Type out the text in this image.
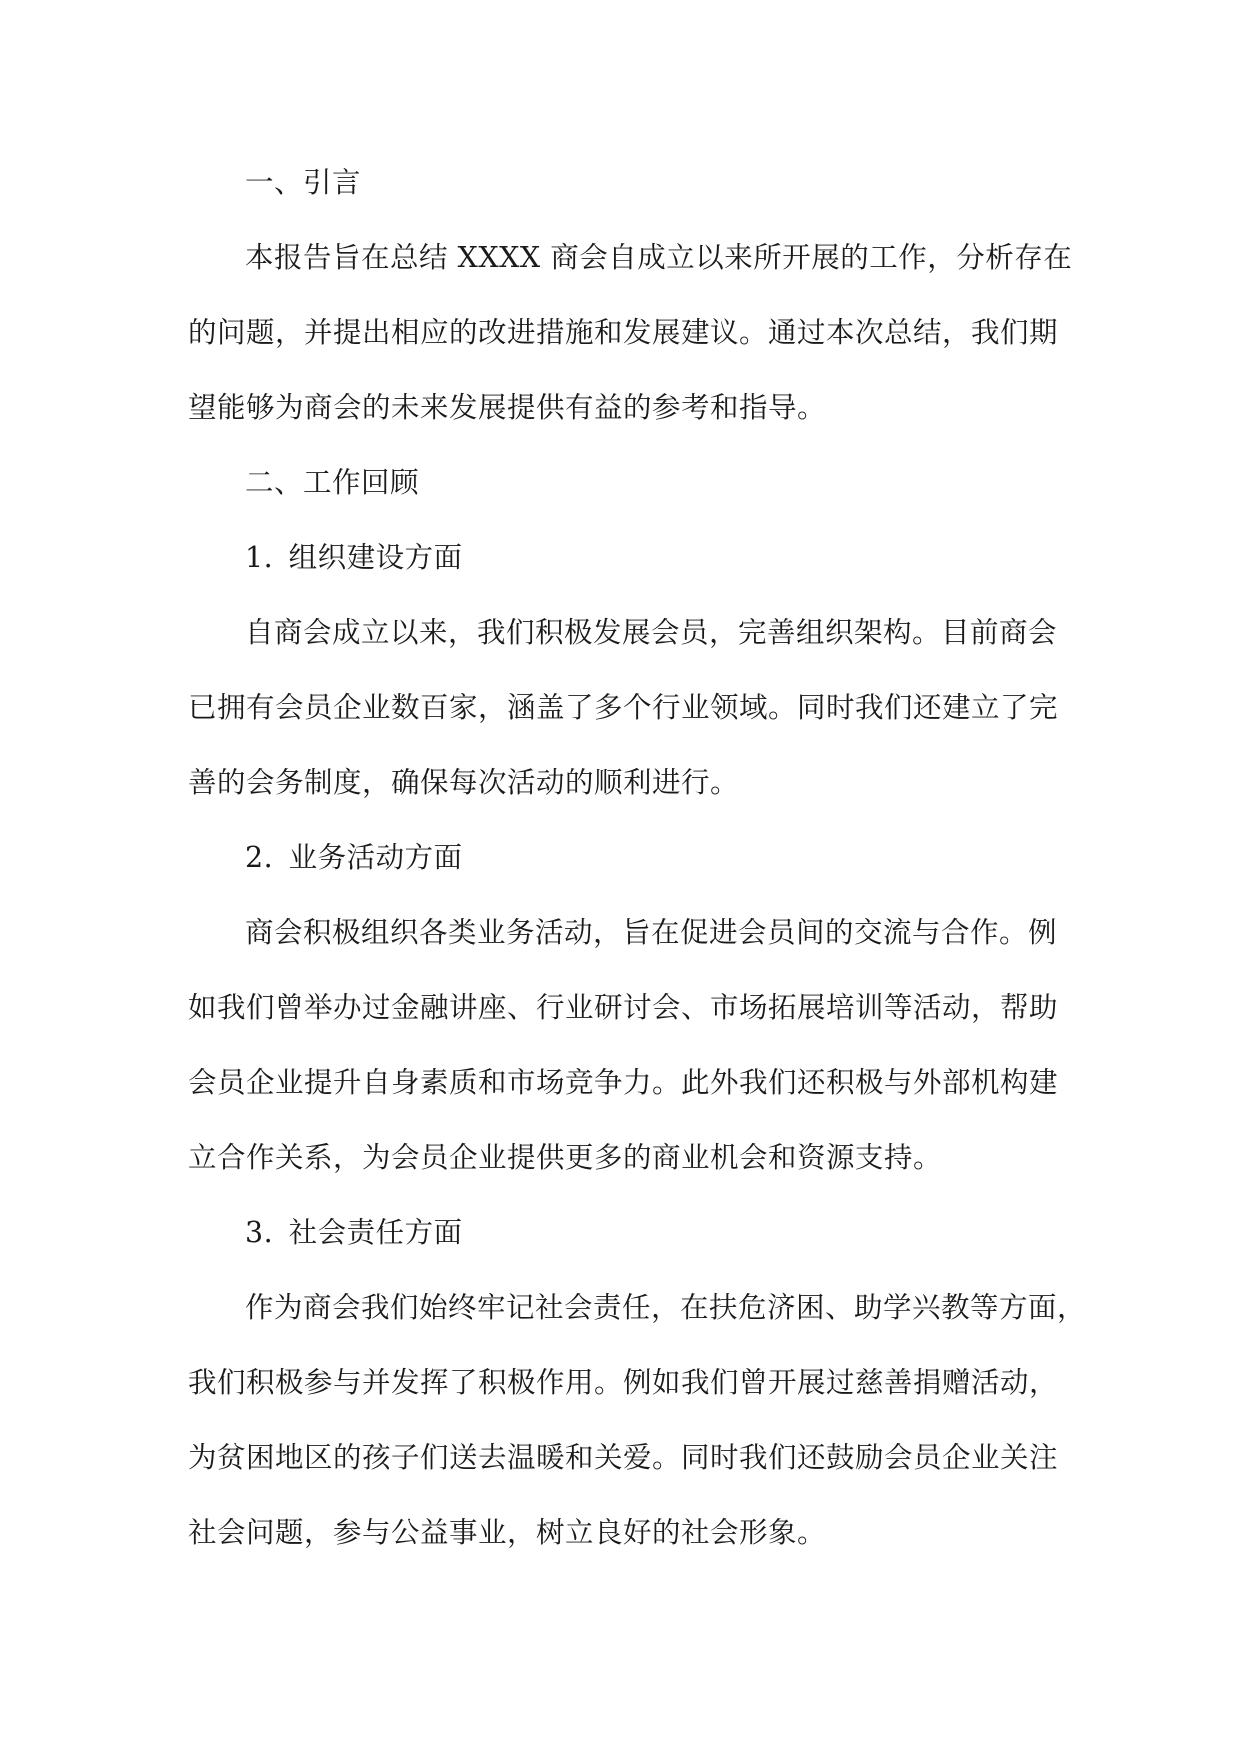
一、引言
本报告旨在总结 XXXX 商会自成立以来所开展的工作，分析存在
的问题，并提出相应的改进措施和发展建议。通过本次总结，我们期
望能够为商会的未来发展提供有益的参考和指导。
二、工作回顾
1. 组织建设方面
自商会成立以来，我们积极发展会员，完善组织架构。目前商会
已拥有会员企业数百家，涵盖了多个行业领域。同时我们还建立了完
善的会务制度，确保每次活动的顺利进行。
2. 业务活动方面
商会积极组织各类业务活动，旨在促进会员间的交流与合作。例
如我们曾举办过金融讲座、行业研讨会、市场拓展培训等活动，帮助
会员企业提升自身素质和市场竞争力。此外我们还积极与外部机构建
立合作关系，为会员企业提供更多的商业机会和资源支持。
3. 社会责任方面
作为商会我们始终牢记社会责任，在扶危济困、助学兴教等方面，
我们积极参与并发挥了积极作用。例如我们曾开展过慈善捐赠活动，
为贫困地区的孩子们送去温暖和关爱。同时我们还鼓励会员企业关注
社会问题，参与公益事业，树立良好的社会形象。
